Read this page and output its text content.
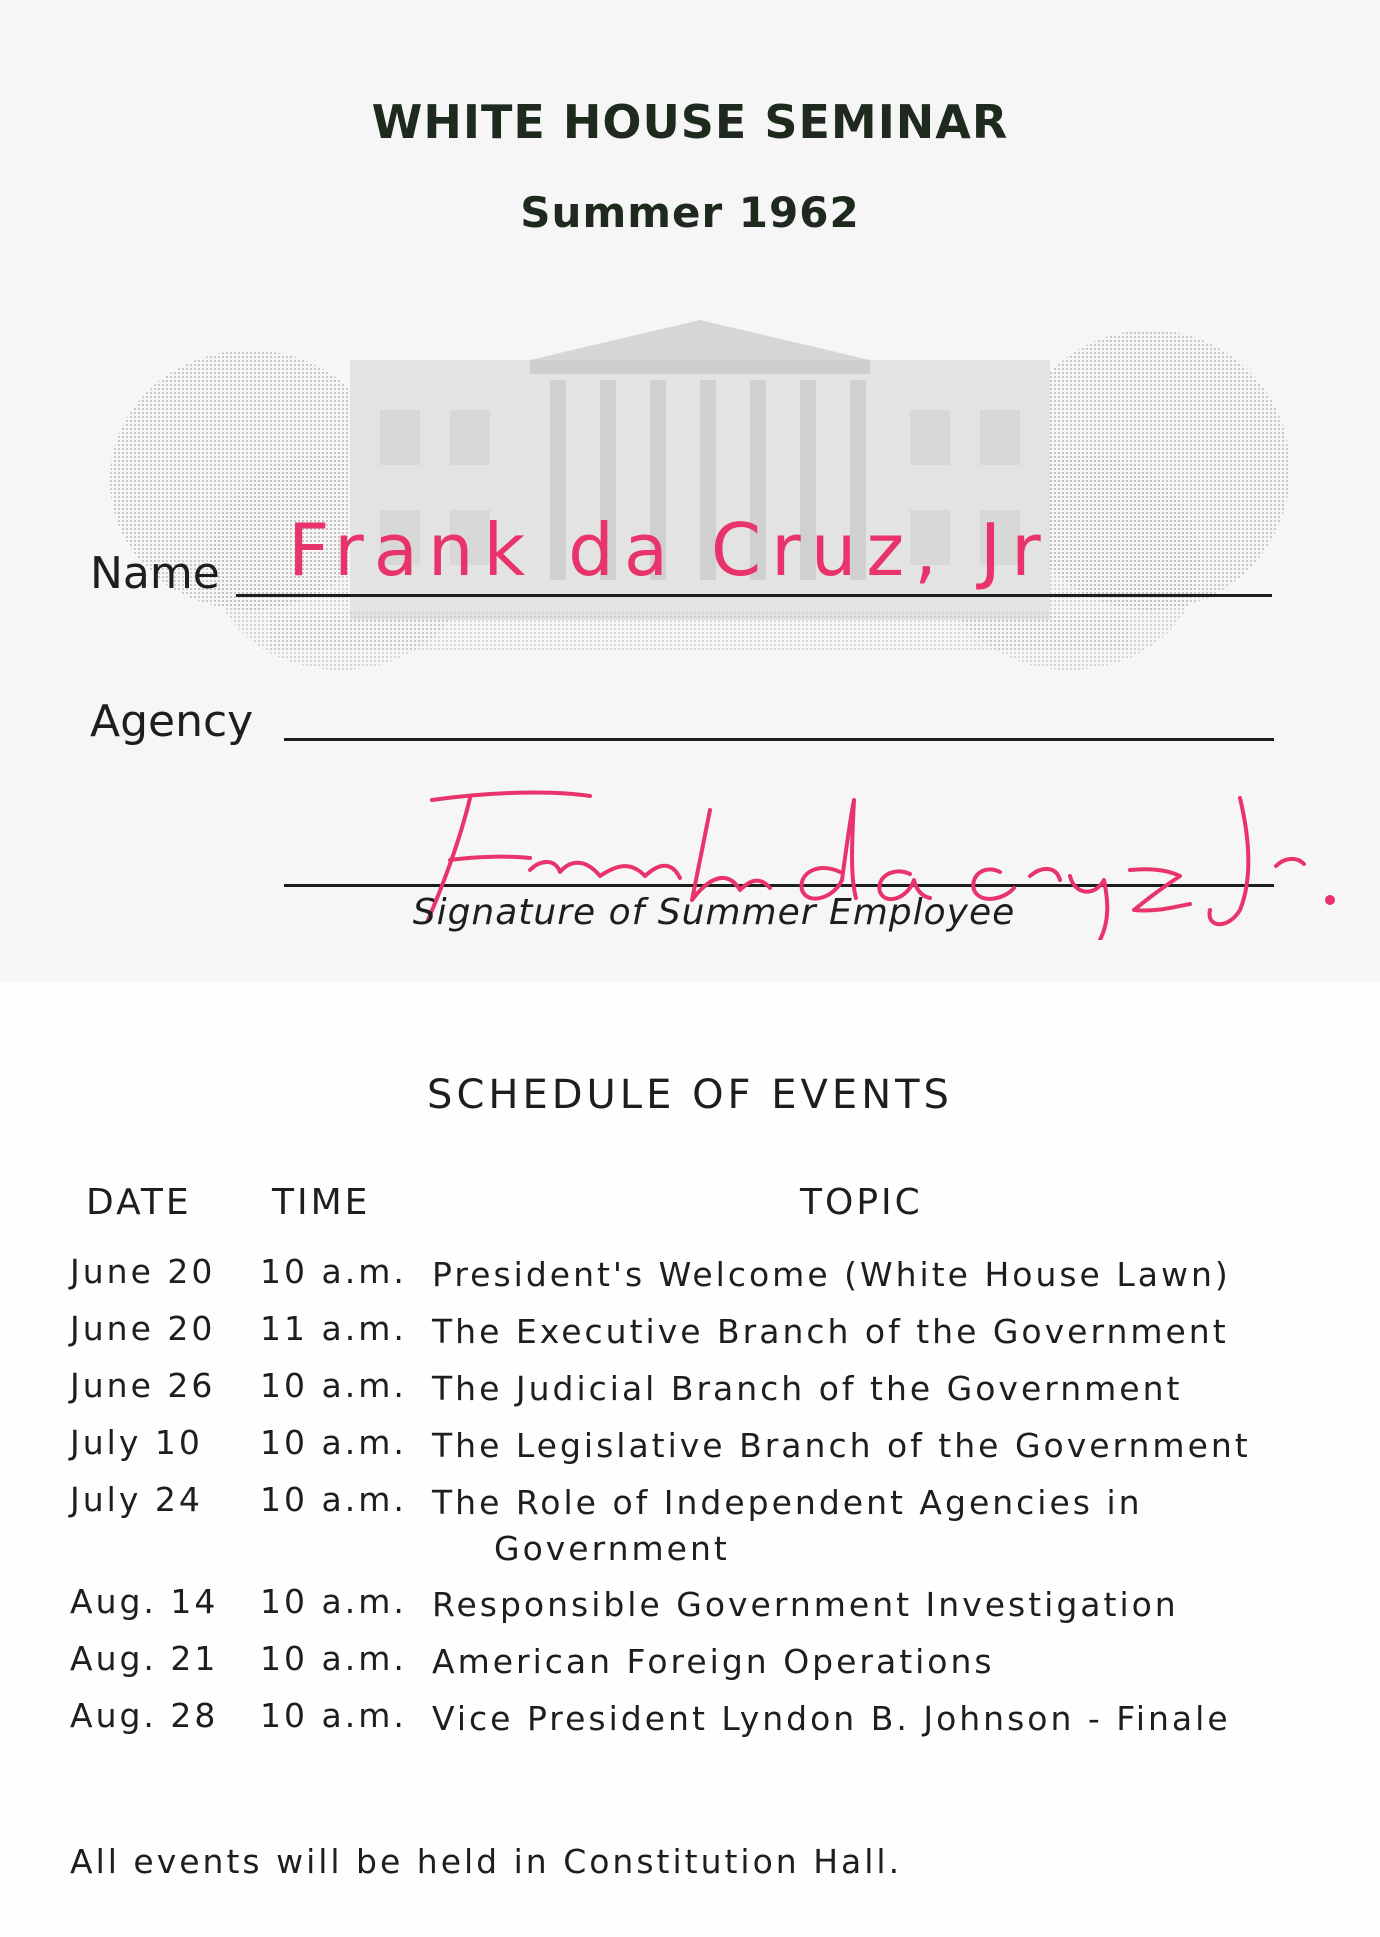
WHITE HOUSE SEMINAR
Summer 1962
Name Frank da Cruz, Jr
Agency
Signature of Summer Employee
SCHEDULE OF EVENTS
DATE TIME	TOPIC
June 20 10 a.m. President's Welcome (White House Lawn)
June 20 11 a.m. The Executive Branch of the Government
June 26 10 a.m. The Judicial Branch of the Government
July 10 10 a.m. The Legislative Branch of the Government
July 24 10 a.m. The Role of Independent Agencies in
Government
Aug. 14 10 a.m. Responsible Government Investigation
Aug. 21 10 a.m. American Foreign Operations
Aug. 28 10 a.m. Vice President Lyndon B. Johnson - Finale
All events will be held in Constitution Hall.
